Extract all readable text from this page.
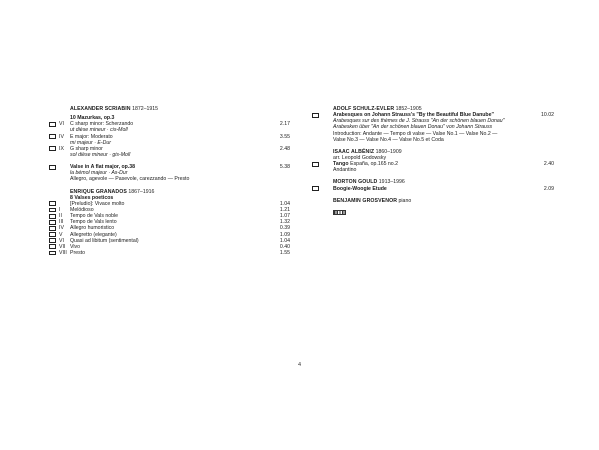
ALEXANDER SCRIABIN 1872–1915
10 Mazurkas, op.3
VI	C sharp minor: Scherzando	2.17
ut dièse mineur · cis-Moll
IV	E major: Moderato	3.55
mi majeur · E-Dur
IX	G sharp minor	2.48
sol dièse mineur · gis-Moll
Valse in A flat major, op.38	5.38
la bémol majeur · As-Dur
Allegro, agevole — Pasevole, carezzando — Presto
ENRIQUE GRANADOS 1867–1916
8 Valses poeticos
[Preludio]: Vivace molto	1.04
I	Melódioso	1.21
II	Tempo de Vals noble	1.07
III	Tempo de Vals lento	1.32
IV	Allegro humoristico	0.39
V	Allegretto (elegante)	1.09
VI	Quasi ad libitum (sentimental)	1.04
VII Vivo	0.40
VIII Presto	1.55
ADOLF SCHULZ-EVLER 1852–1905
Arabesques on Johann Strauss's "By the Beautiful Blue Danube"	10.02
Arabesques sur des thèmes de J. Strauss "An der schönen blauen Donau"
Arabesken über "An der schönen blauen Donau" von Johann Strauss
Introduction: Andante — Tempo di valse — Valse No.1 — Valse No.2 —
Valse No.3 — Valse No.4 — Valse No.5 et Coda
ISAAC ALBÉNIZ 1860–1909
arr. Leopold Godowsky
Tango España, op.165 no.2	2.40
Andantino
MORTON GOULD 1913–1996
Boogie-Woogie Etude	2.09
BENJAMIN GROSVENOR piano
4
